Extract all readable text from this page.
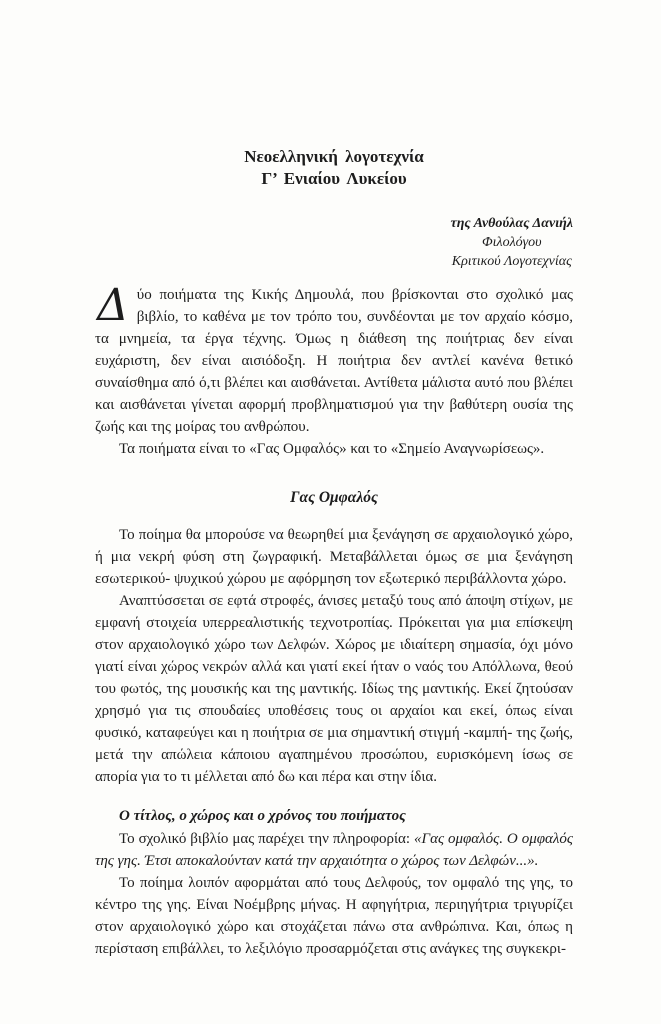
Νεοελληνική λογοτεχνία
Γ’ Ενιαίου Λυκείου
της Ανθούλας Δανιήλ
Φιλολόγου
Κριτικού Λογοτεχνίας

Δύο ποιήματα της Κικής Δημουλά, που βρίσκονται στο σχολικό μας βιβλίο, το καθένα με τον τρόπο του, συνδέονται με τον αρχαίο κόσμο, τα μνημεία, τα έργα τέχνης. Όμως η διάθεση της ποιήτριας δεν είναι ευχάριστη, δεν είναι αισιόδοξη. Η ποιήτρια δεν αντλεί κανένα θετικό συναίσθημα από ό,τι βλέπει και αισθάνεται. Αντίθετα μάλιστα αυτό που βλέπει και αισθάνεται γίνεται αφορμή προβληματισμού για την βαθύτερη ουσία της ζωής και της μοίρας του ανθρώπου.

Τα ποιήματα είναι το «Γας Ομφαλός» και το «Σημείο Αναγνωρίσεως».

Γας Ομφαλός

Το ποίημα θα μπορούσε να θεωρηθεί μια ξενάγηση σε αρχαιολογικό χώρο, ή μια νεκρή φύση στη ζωγραφική. Μεταβάλλεται όμως σε μια ξενάγηση εσωτερικού- ψυχικού χώρου με αφόρμηση τον εξωτερικό περιβάλλοντα χώρο.

Αναπτύσσεται σε εφτά στροφές, άνισες μεταξύ τους από άποψη στίχων, με εμφανή στοιχεία υπερρεαλιστικής τεχνοτροπίας. Πρόκειται για μια επίσκεψη στον αρχαιολογικό χώρο των Δελφών. Χώρος με ιδιαίτερη σημασία, όχι μόνο γιατί είναι χώρος νεκρών αλλά και γιατί εκεί ήταν ο ναός του Απόλλωνα, θεού του φωτός, της μουσικής και της μαντικής. Ιδίως της μαντικής. Εκεί ζητούσαν χρησμό για τις σπουδαίες υποθέσεις τους οι αρχαίοι και εκεί, όπως είναι φυσικό, καταφεύγει και η ποιήτρια σε μια σημαντική στιγμή -καμπή- της ζωής, μετά την απώλεια κάποιου αγαπημένου προσώπου, ευρισκόμενη ίσως σε απορία για το τι μέλλεται από δω και πέρα και στην ίδια.

Ο τίτλος, ο χώρος και ο χρόνος του ποιήματος

Το σχολικό βιβλίο μας παρέχει την πληροφορία: «Γας ομφαλός. Ο ομφαλός της γης. Έτσι αποκαλούνταν κατά την αρχαιότητα ο χώρος των Δελφών...».

Το ποίημα λοιπόν αφορμάται από τους Δελφούς, τον ομφαλό της γης, το κέντρο της γης. Είναι Νοέμβρης μήνας. Η αφηγήτρια, περιηγήτρια τριγυρίζει στον αρχαιολογικό χώρο και στοχάζεται πάνω στα ανθρώπινα. Και, όπως η περίσταση επιβάλλει, το λεξιλόγιο προσαρμόζεται στις ανάγκες της συγκεκρι-
